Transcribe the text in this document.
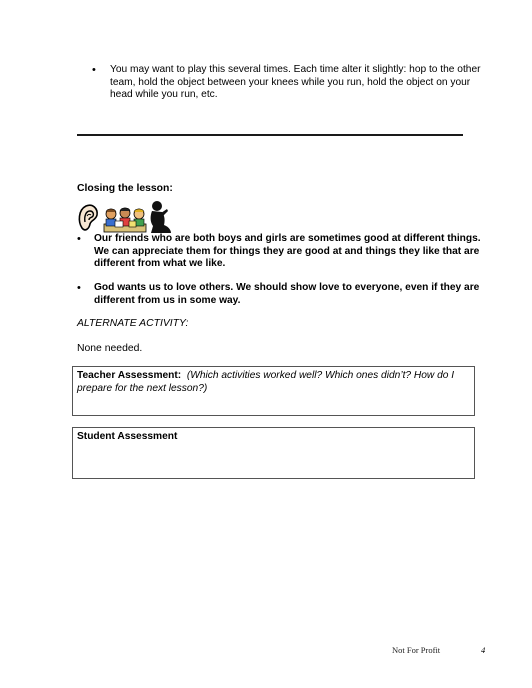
• You may want to play this several times. Each time alter it slightly: hop to the other team, hold the object between your knees while you run, hold the object on your head while you run, etc.
Closing the lesson:
• Our friends who are both boys and girls are sometimes good at different things. We can appreciate them for things they are good at and things they like that are different from what we like.
• God wants us to love others. We should show love to everyone, even if they are different from us in some way.
ALTERNATE ACTIVITY:
None needed.
Teacher Assessment: (Which activities worked well? Which ones didn’t? How do I prepare for the next lesson?)
Student Assessment
Not For Profit	4
